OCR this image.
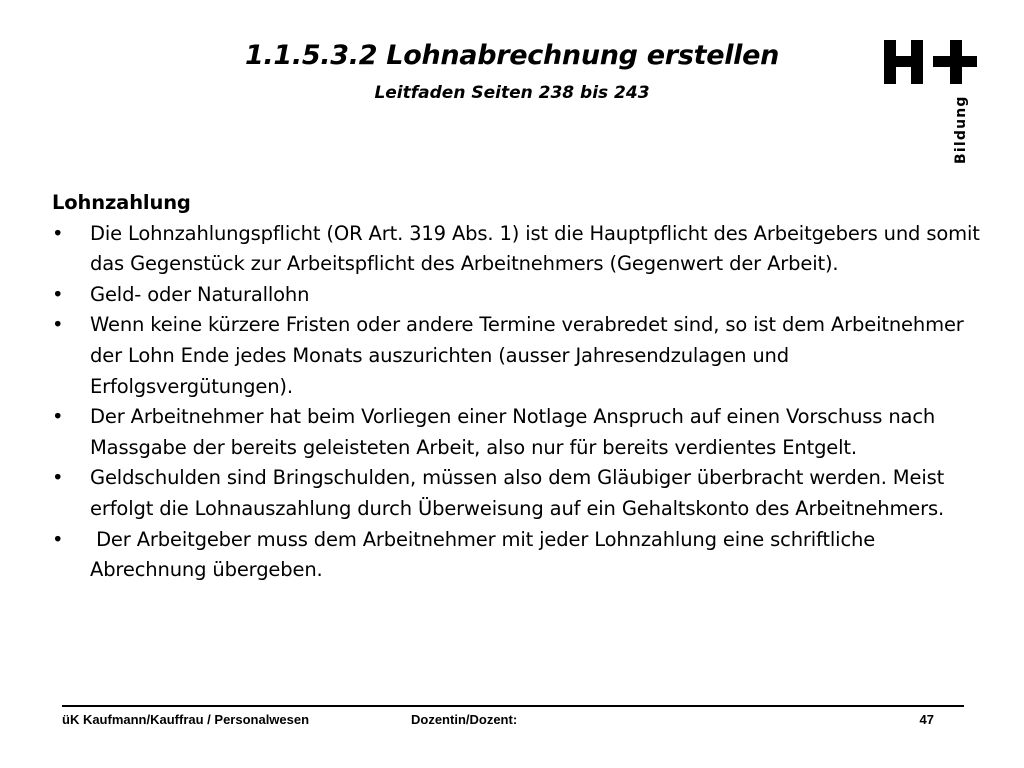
1.1.5.3.2 Lohnabrechnung erstellen
Leitfaden Seiten 238 bis 243
Bildung

Lohnzahlung

• Die Lohnzahlungspflicht (OR Art. 319 Abs. 1) ist die Hauptpflicht des Arbeitgebers und somit das Gegenstück zur Arbeitspflicht des Arbeitnehmers (Gegenwert der Arbeit).
• Geld- oder Naturallohn
• Wenn keine kürzere Fristen oder andere Termine verabredet sind, so ist dem Arbeitnehmer der Lohn Ende jedes Monats auszurichten (ausser Jahresendzulagen und Erfolgsvergütungen).
• Der Arbeitnehmer hat beim Vorliegen einer Notlage Anspruch auf einen Vorschuss nach Massgabe der bereits geleisteten Arbeit, also nur für bereits verdientes Entgelt.
• Geldschulden sind Bringschulden, müssen also dem Gläubiger überbracht werden. Meist erfolgt die Lohnauszahlung durch Überweisung auf ein Gehaltskonto des Arbeitnehmers.
• Der Arbeitgeber muss dem Arbeitnehmer mit jeder Lohnzahlung eine schriftliche Abrechnung übergeben.
üK Kaufmann/Kauffrau / Personalwesen	Dozentin/Dozent:	47
